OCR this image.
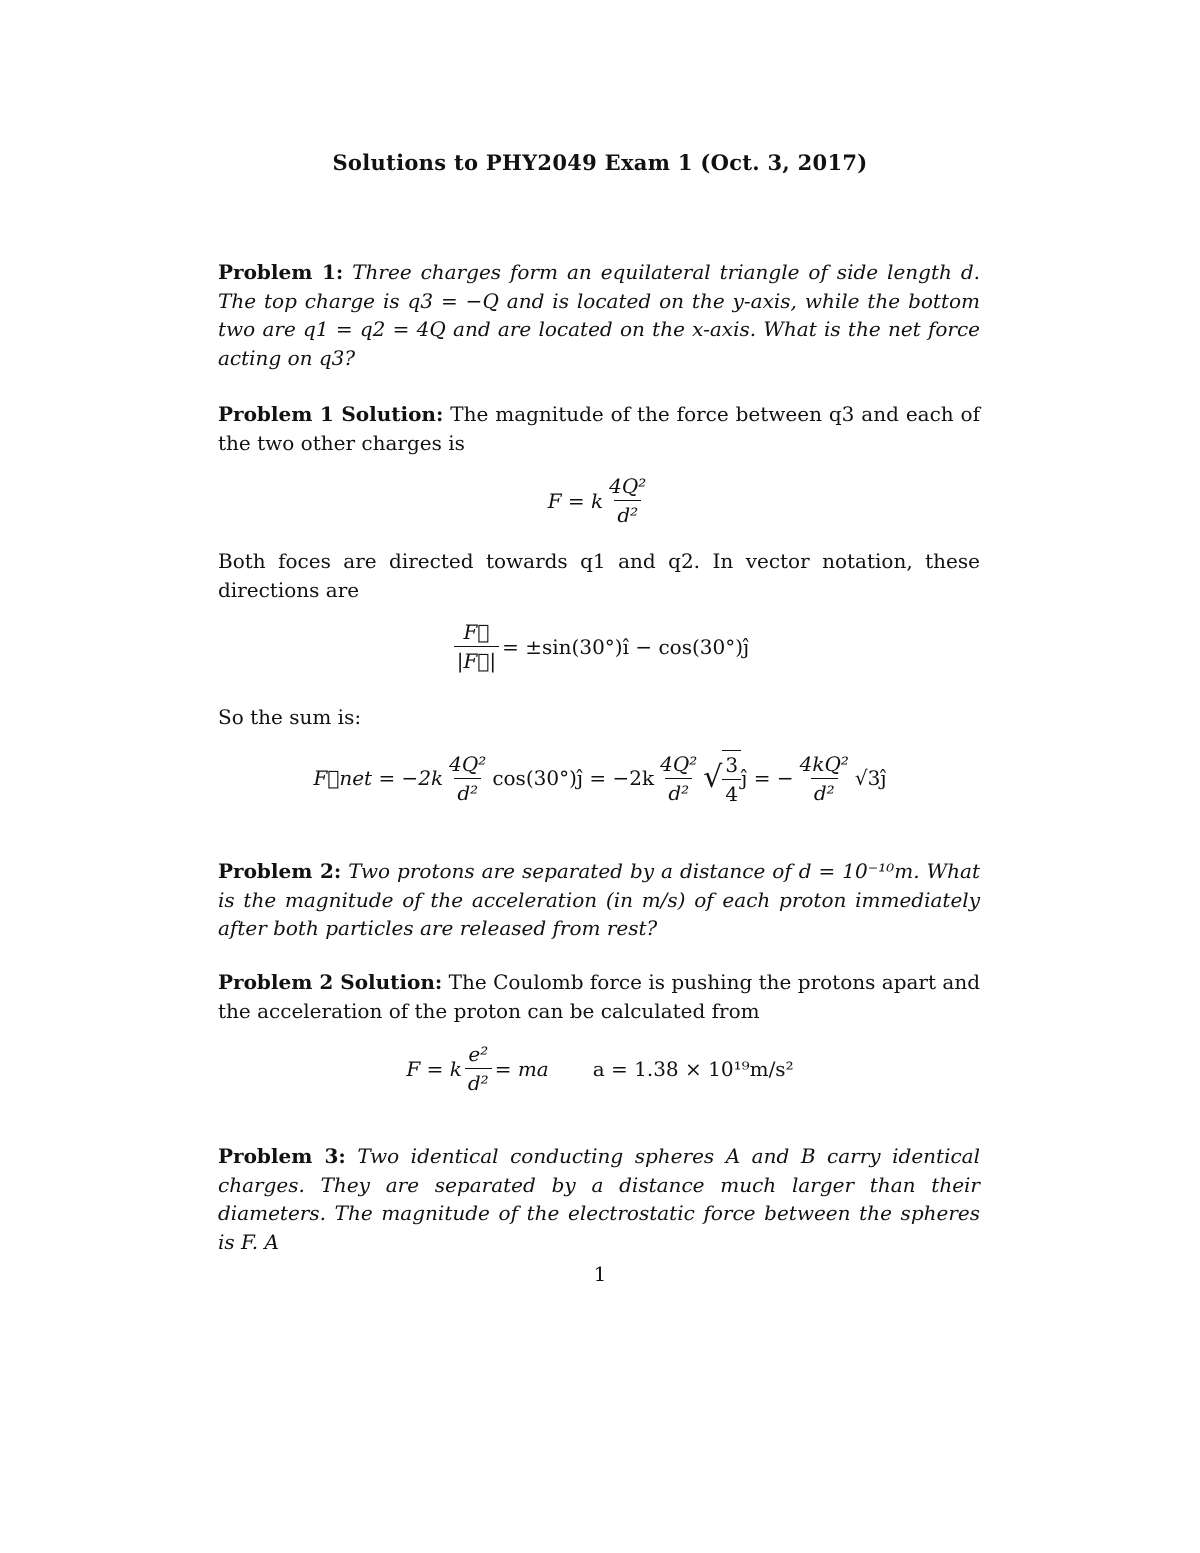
Solutions to PHY2049 Exam 1 (Oct. 3, 2017)
Problem 1: Three charges form an equilateral triangle of side length d. The top charge is q3 = −Q and is located on the y-axis, while the bottom two are q1 = q2 = 4Q and are located on the x-axis. What is the net force acting on q3?
Problem 1 Solution: The magnitude of the force between q3 and each of the two other charges is
F = k $\frac{\text{4Q²}}{\text{d²}}$
Both foces are directed towards q1 and q2. In vector notation, these directions are
$\frac{F⃗}{|F⃗|}$ = ±sin(30°)î − cos(30°)ĵ
So the sum is:
F⃗net = $-2k \frac{\text{4Q²}}{\text{d²}}$ cos(30°)ĵ = $-2k \frac{\text{4Q²}}{\text{d²}}$ √ $\frac{3}{4}$ ĵ = − $\frac{\text{4kQ²}}{\text{d²}}$ √3ĵ
Problem 2: Two protons are separated by a distance of d = 10⁻¹⁰m. What is the magnitude of the acceleration (in m/s) of each proton immediately after both particles are released from rest?
Problem 2 Solution: The Coulomb force is pushing the protons apart and the acceleration of the proton can be calculated from
F = k $\frac{\text{e²}}{\text{d²}}$ = ma a = 1.38 × 10¹⁹m/s²
Problem 3: Two identical conducting spheres A and B carry identical charges. They are separated by a distance much larger than their diameters. The magnitude of the electrostatic force between the spheres is F. A
1
